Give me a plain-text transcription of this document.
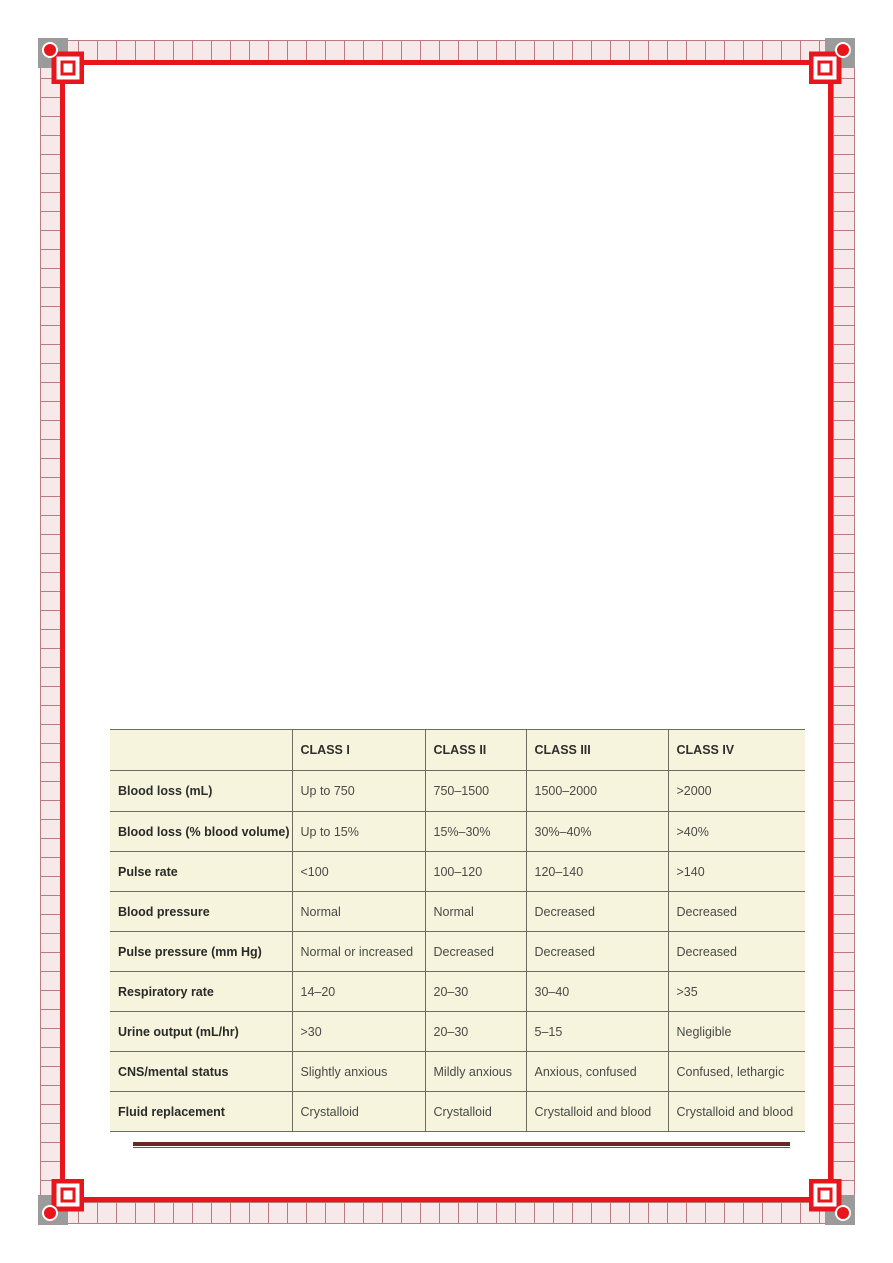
	CLASS I	CLASS II	CLASS III	CLASS IV
Blood loss (mL)	Up to 750	750–1500	1500–2000	>2000
Blood loss (% blood volume)	Up to 15%	15%–30%	30%–40%	>40%
Pulse rate	<100	100–120	120–140	>140
Blood pressure	Normal	Normal	Decreased	Decreased
Pulse pressure (mm Hg)	Normal or increased	Decreased	Decreased	Decreased
Respiratory rate	14–20	20–30	30–40	>35
Urine output (mL/hr)	>30	20–30	5–15	Negligible
CNS/mental status	Slightly anxious	Mildly anxious	Anxious, confused	Confused, lethargic
Fluid replacement	Crystalloid	Crystalloid	Crystalloid and blood	Crystalloid and blood
